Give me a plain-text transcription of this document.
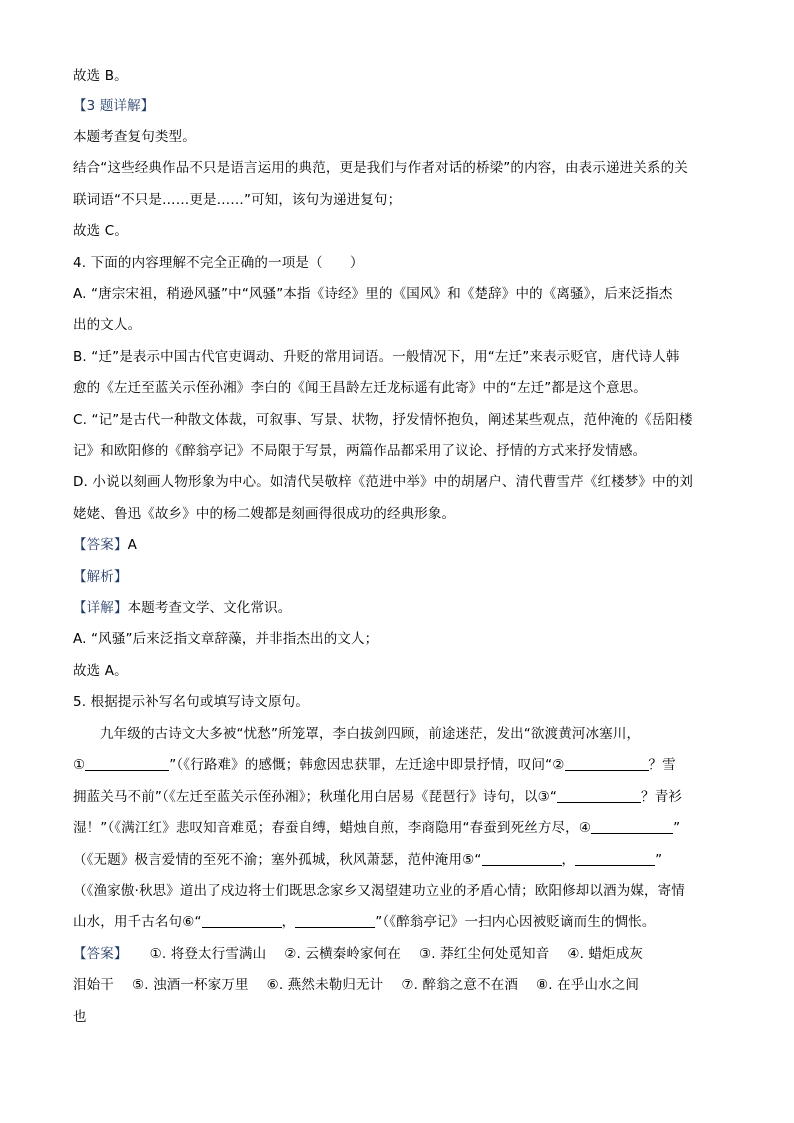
故选 B。
【3 题详解】
本题考查复句类型。
结合“这些经典作品不只是语言运用的典范，更是我们与作者对话的桥梁”的内容，由表示递进关系的关
联词语“不只是……更是……”可知，该句为递进复句；
故选 C。
4. 下面的内容理解不完全正确的一项是（　　）
A. “唐宗宋祖，稍逊风骚”中“风骚”本指《诗经》里的《国风》和《楚辞》中的《离骚》，后来泛指杰
出的文人。
B. “迁”是表示中国古代官吏调动、升贬的常用词语。一般情况下，用“左迁”来表示贬官，唐代诗人韩
愈的《左迁至蓝关示侄孙湘》李白的《闻王昌龄左迁龙标遥有此寄》中的“左迁”都是这个意思。
C. “记”是古代一种散文体裁，可叙事、写景、状物，抒发情怀抱负，阐述某些观点，范仲淹的《岳阳楼
记》和欧阳修的《醉翁亭记》不局限于写景，两篇作品都采用了议论、抒情的方式来抒发情感。
D. 小说以刻画人物形象为中心。如清代吴敬梓《范进中举》中的胡屠户、清代曹雪芹《红楼梦》中的刘
姥姥、鲁迅《故乡》中的杨二嫂都是刻画得很成功的经典形象。
【答案】A
【解析】
【详解】本题考查文学、文化常识。
A. “风骚”后来泛指文章辞藻，并非指杰出的文人；
故选 A。
5. 根据提示补写名句或填写诗文原句。
九年级的古诗文大多被“忧愁”所笼罩，李白拔剑四顾，前途迷茫，发出“欲渡黄河冰塞川，
①	”（《行路难》的感慨；韩愈因忠获罪，左迁途中即景抒情，叹问“②	？雪
拥蓝关马不前”（《左迁至蓝关示侄孙湘》；秋瑾化用白居易《琵琶行》诗句，以③“	？青衫
湿！”（《满江红》悲叹知音难觅；春蚕自缚，蜡烛自煎，李商隐用“春蚕到死丝方尽，④	”
（《无题》极言爱情的至死不渝；塞外孤城，秋风萧瑟，范仲淹用⑤“	，	”
（《渔家傲·秋思》道出了戍边将士们既思念家乡又渴望建功立业的矛盾心情；欧阳修却以酒为媒，寄情
山水，用千古名句⑥“	，	”（《醉翁亭记》一扫内心因被贬谪而生的惆怅。
【答案】 ①. 将登太行雪满山 ②. 云横秦岭家何在 ③. 莽红尘何处觅知音 ④. 蜡炬成灰
泪始干 ⑤. 浊酒一杯家万里 ⑥. 燕然未勒归无计 ⑦. 醉翁之意不在酒 ⑧. 在乎山水之间
也
